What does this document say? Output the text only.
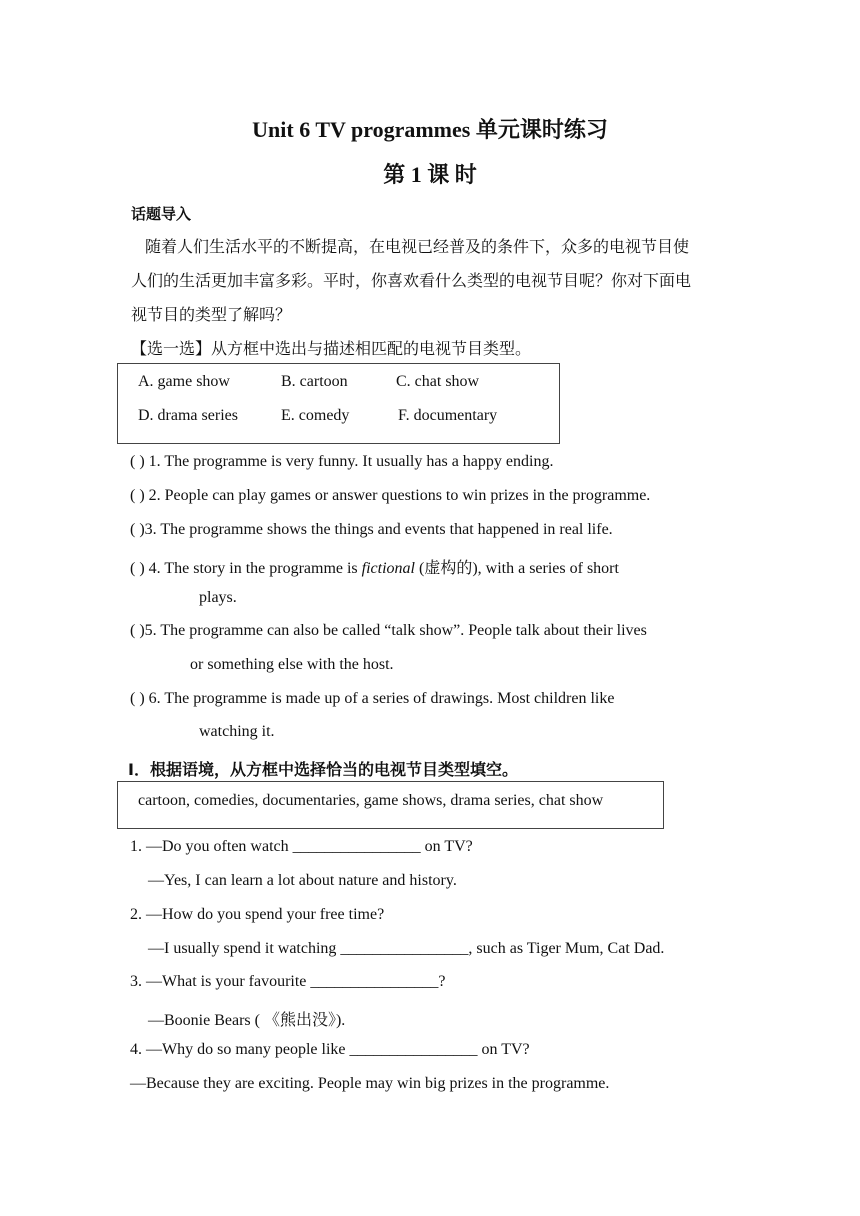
Unit 6 TV programmes 单元课时练习
第 1 课 时
话题导入
随着人们生活水平的不断提高，在电视已经普及的条件下，众多的电视节目使
人们的生活更加丰富多彩。平时，你喜欢看什么类型的电视节目呢？你对下面电
视节目的类型了解吗？
【选一选】从方框中选出与描述相匹配的电视节目类型。
A. game show	B. cartoon	C. chat show
D. drama series	E. comedy	F. documentary
( ) 1. The programme is very funny. It usually has a happy ending.
( ) 2. People can play games or answer questions to win prizes in the programme.
( )3. The programme shows the things and events that happened in real life.
( ) 4. The story in the programme is fictional (虚构的), with a series of short
plays.
( )5. The programme can also be called “talk show”. People talk about their lives
or something else with the host.
( ) 6. The programme is made up of a series of drawings. Most children like
watching it.
Ⅰ．根据语境，从方框中选择恰当的电视节目类型填空。
cartoon, comedies, documentaries, game shows, drama series, chat show
1. —Do you often watch ________________ on TV?
—Yes, I can learn a lot about nature and history.
2. —How do you spend your free time?
—I usually spend it watching ________________, such as Tiger Mum, Cat Dad.
3. —What is your favourite ________________?
—Boonie Bears ( 《熊出没》).
4. —Why do so many people like ________________ on TV?
—Because they are exciting. People may win big prizes in the programme.
